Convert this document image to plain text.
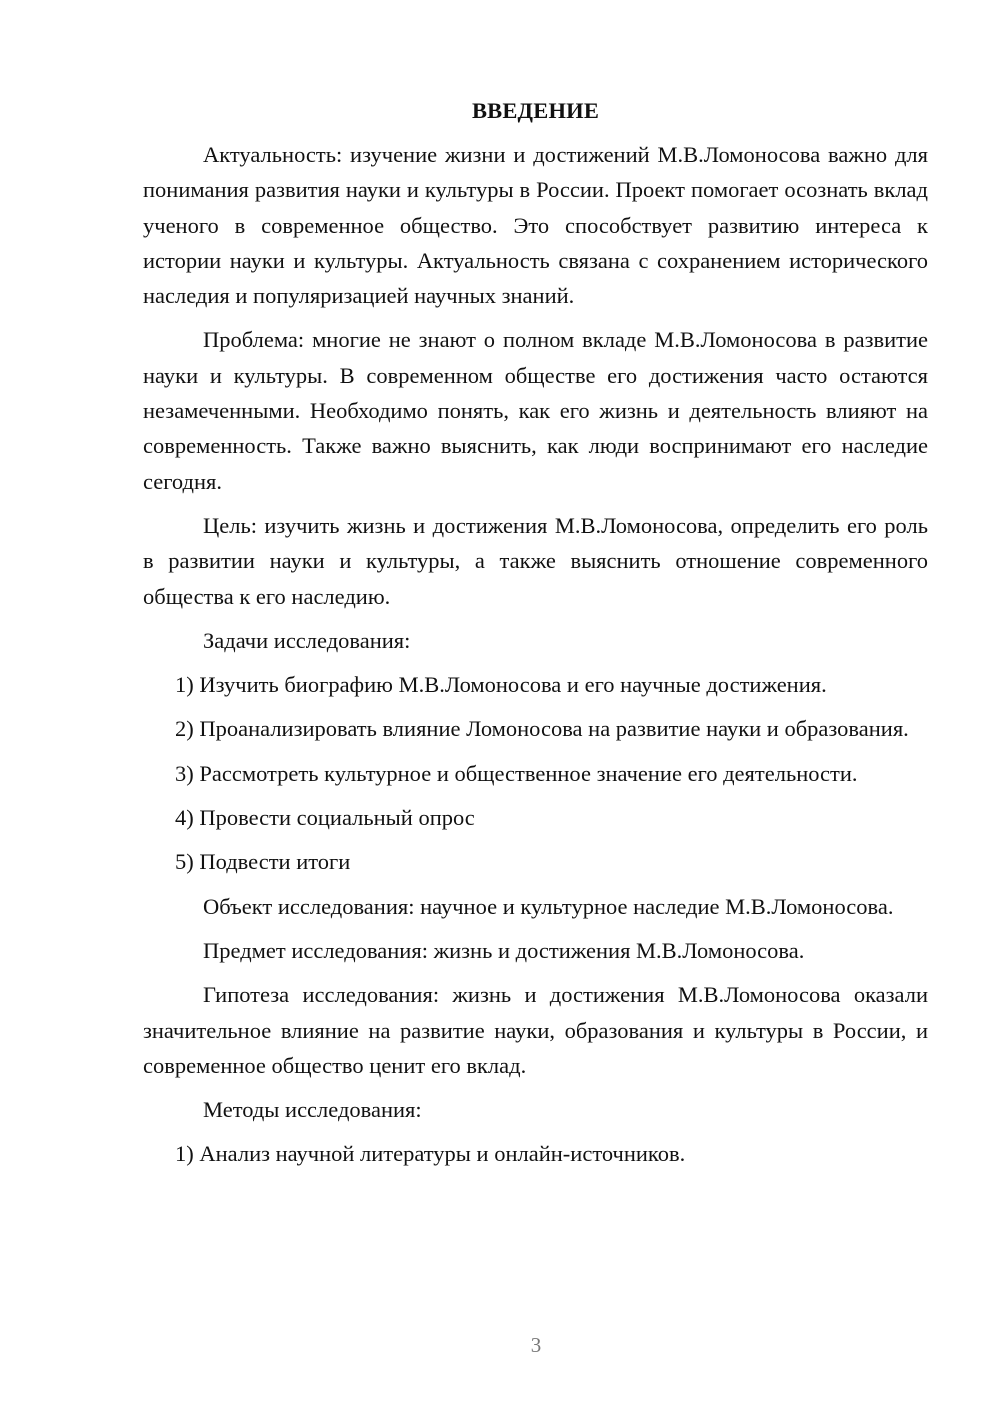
ВВЕДЕНИЕ

Актуальность: изучение жизни и достижений М.В.Ломоносова важно для понимания развития науки и культуры в России. Проект помогает осознать вклад ученого в современное общество. Это способствует развитию интереса к истории науки и культуры. Актуальность связана с сохранением исторического наследия и популяризацией научных знаний.

Проблема: многие не знают о полном вкладе М.В.Ломоносова в развитие науки и культуры. В современном обществе его достижения часто остаются незамеченными. Необходимо понять, как его жизнь и деятельность влияют на современность. Также важно выяснить, как люди воспринимают его наследие сегодня.

Цель: изучить жизнь и достижения М.В.Ломоносова, определить его роль в развитии науки и культуры, а также выяснить отношение современного общества к его наследию.

Задачи исследования:

1) Изучить биографию М.В.Ломоносова и его научные достижения.

2) Проанализировать влияние Ломоносова на развитие науки и образования.

3) Рассмотреть культурное и общественное значение его деятельности.

4) Провести социальный опрос

5) Подвести итоги

Объект исследования: научное и культурное наследие М.В.Ломоносова.

Предмет исследования: жизнь и достижения М.В.Ломоносова.

Гипотеза исследования: жизнь и достижения М.В.Ломоносова оказали значительное влияние на развитие науки, образования и культуры в России, и современное общество ценит его вклад.

Методы исследования:

1) Анализ научной литературы и онлайн-источников.

3
